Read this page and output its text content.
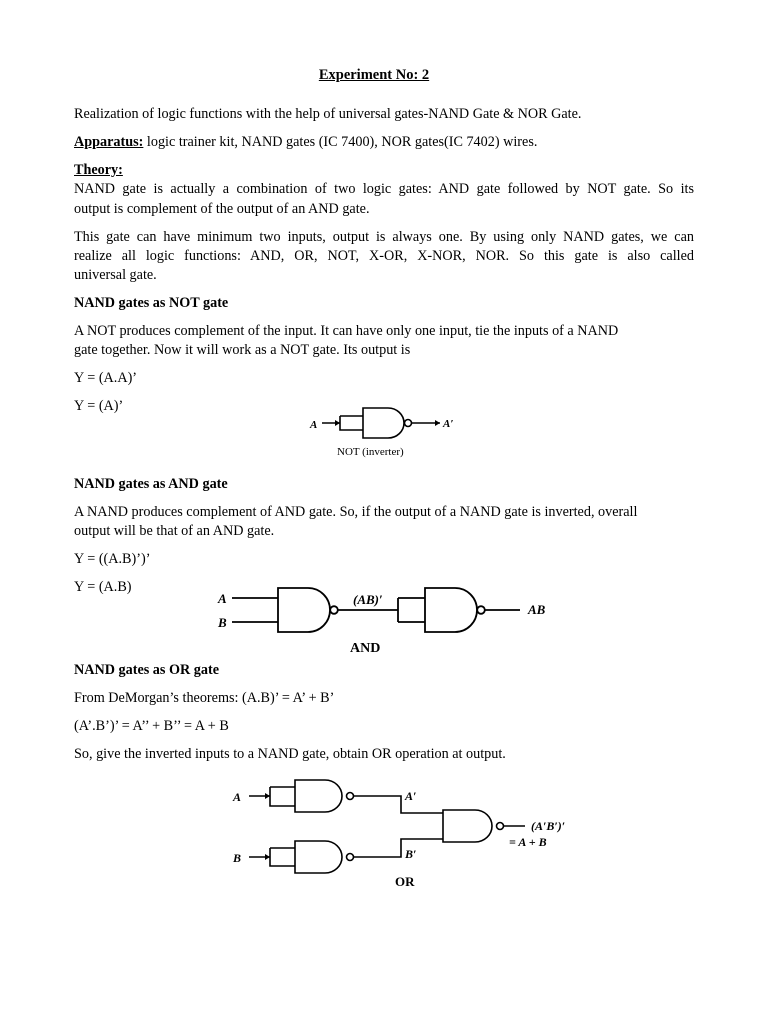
Experiment No: 2
Realization of logic functions with the help of universal gates-NAND Gate & NOR Gate.
Apparatus: logic trainer kit, NAND gates (IC 7400), NOR gates(IC 7402) wires.
Theory:
NAND gate is actually a combination of two logic gates: AND gate followed by NOT gate. So its
output is complement of the output of an AND gate.
This gate can have minimum two inputs, output is always one. By using only NAND gates, we can
realize all logic functions: AND, OR, NOT, X-OR, X-NOR, NOR. So this gate is also called
universal gate.
NAND gates as NOT gate
A NOT produces complement of the input. It can have only one input, tie the inputs of a NAND
gate together. Now it will work as a NOT gate. Its output is
Y = (A.A)’
Y = (A)’
A	A′
NOT (inverter)
NAND gates as AND gate
A NAND produces complement of AND gate. So, if the output of a NAND gate is inverted, overall
output will be that of an AND gate.
Y = ((A.B)’)’
Y = (A.B)
A
B
(AB)′
AB
AND
NAND gates as OR gate
From DeMorgan’s theorems: (A.B)’ = A’ + B’
(A’.B’)’ = A’’ + B’’ = A + B
So, give the inverted inputs to a NAND gate, obtain OR operation at output.
A
B
A′
B′
(A′B′)′
= A + B
OR
